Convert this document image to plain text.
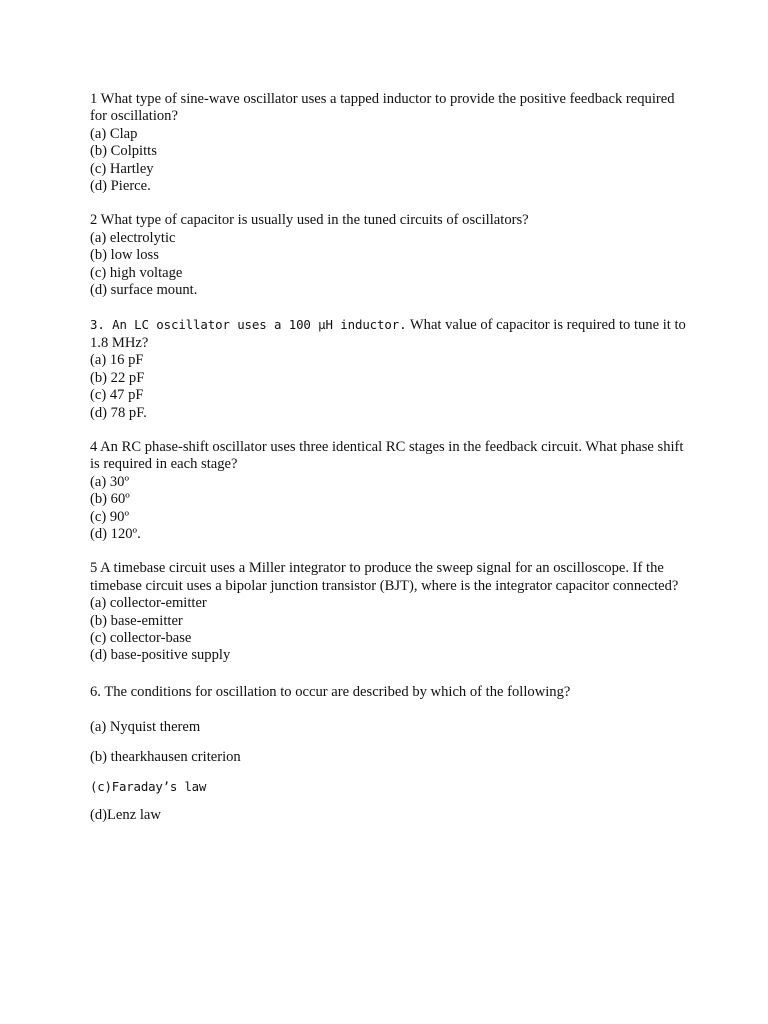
1 What type of sine-wave oscillator uses a tapped inductor to provide the positive feedback required for oscillation?
(a) Clap
(b) Colpitts
(c) Hartley
(d) Pierce.
2 What type of capacitor is usually used in the tuned circuits of oscillators?
(a) electrolytic
(b) low loss
(c) high voltage
(d) surface mount.
3. An LC oscillator uses a 100 µH inductor. What value of capacitor is required to tune it to 1.8 MHz?
(a) 16 pF
(b) 22 pF
(c) 47 pF
(d) 78 pF.
4 An RC phase-shift oscillator uses three identical RC stages in the feedback circuit. What phase shift is required in each stage?
(a) 30º
(b) 60º
(c) 90º
(d) 120º.
5 A timebase circuit uses a Miller integrator to produce the sweep signal for an oscilloscope. If the timebase circuit uses a bipolar junction transistor (BJT), where is the integrator capacitor connected?
(a) collector-emitter
(b) base-emitter
(c) collector-base
(d) base-positive supply
6. The conditions for oscillation to occur are described by which of the following?
(a) Nyquist therem
(b) thearkhausen criterion
(c)Faraday’s law
(d)Lenz law
